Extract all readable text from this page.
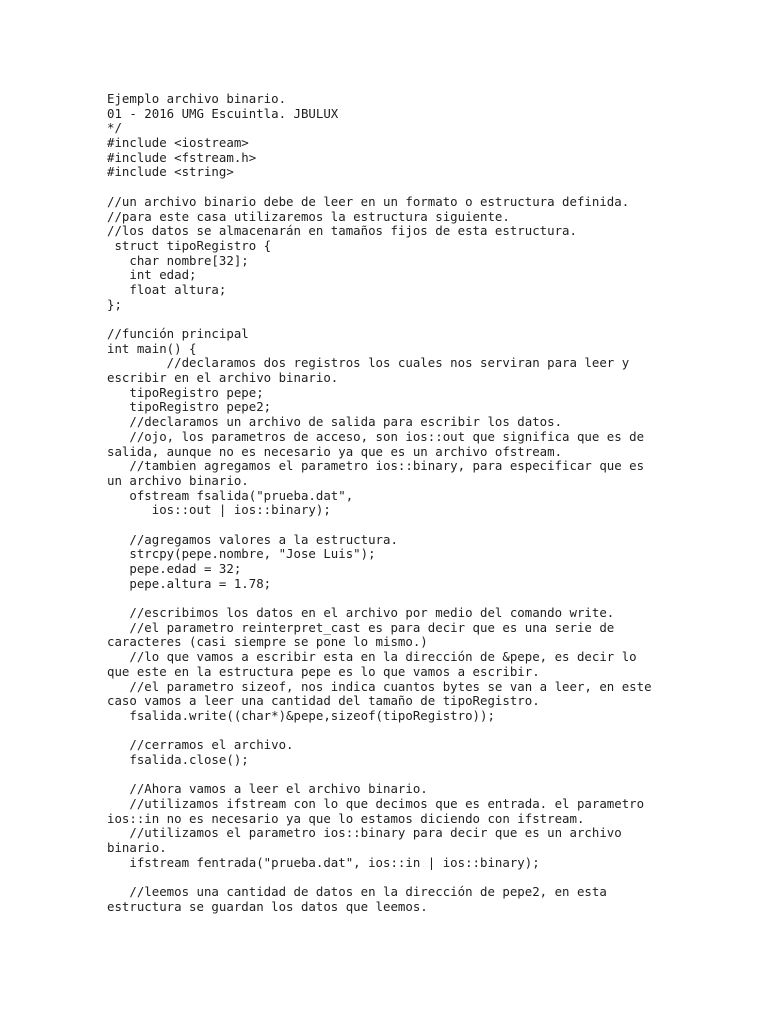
Ejemplo archivo binario.
01 - 2016 UMG Escuintla. JBULUX
*/
#include <iostream>
#include <fstream.h>
#include <string>
//un archivo binario debe de leer en un formato o estructura definida.
//para este casa utilizaremos la estructura siguiente.
//los datos se almacenarán en tamaños fijos de esta estructura.
struct tipoRegistro {
char nombre[32];
int edad;
float altura;
};
//función principal
int main() {
//declaramos dos registros los cuales nos serviran para leer y
escribir en el archivo binario.
tipoRegistro pepe;
tipoRegistro pepe2;
//declaramos un archivo de salida para escribir los datos.
//ojo, los parametros de acceso, son ios::out que significa que es de
salida, aunque no es necesario ya que es un archivo ofstream.
//tambien agregamos el parametro ios::binary, para especificar que es
un archivo binario.
ofstream fsalida("prueba.dat",
ios::out | ios::binary);
//agregamos valores a la estructura.
strcpy(pepe.nombre, "Jose Luis");
pepe.edad = 32;
pepe.altura = 1.78;
//escribimos los datos en el archivo por medio del comando write.
//el parametro reinterpret_cast es para decir que es una serie de
caracteres (casi siempre se pone lo mismo.)
//lo que vamos a escribir esta en la dirección de &pepe, es decir lo
que este en la estructura pepe es lo que vamos a escribir.
//el parametro sizeof, nos indica cuantos bytes se van a leer, en este
caso vamos a leer una cantidad del tamaño de tipoRegistro.
fsalida.write((char*)&pepe,sizeof(tipoRegistro));
//cerramos el archivo.
fsalida.close();
//Ahora vamos a leer el archivo binario.
//utilizamos ifstream con lo que decimos que es entrada. el parametro
ios::in no es necesario ya que lo estamos diciendo con ifstream.
//utilizamos el parametro ios::binary para decir que es un archivo
binario.
ifstream fentrada("prueba.dat", ios::in | ios::binary);
//leemos una cantidad de datos en la dirección de pepe2, en esta
estructura se guardan los datos que leemos.
